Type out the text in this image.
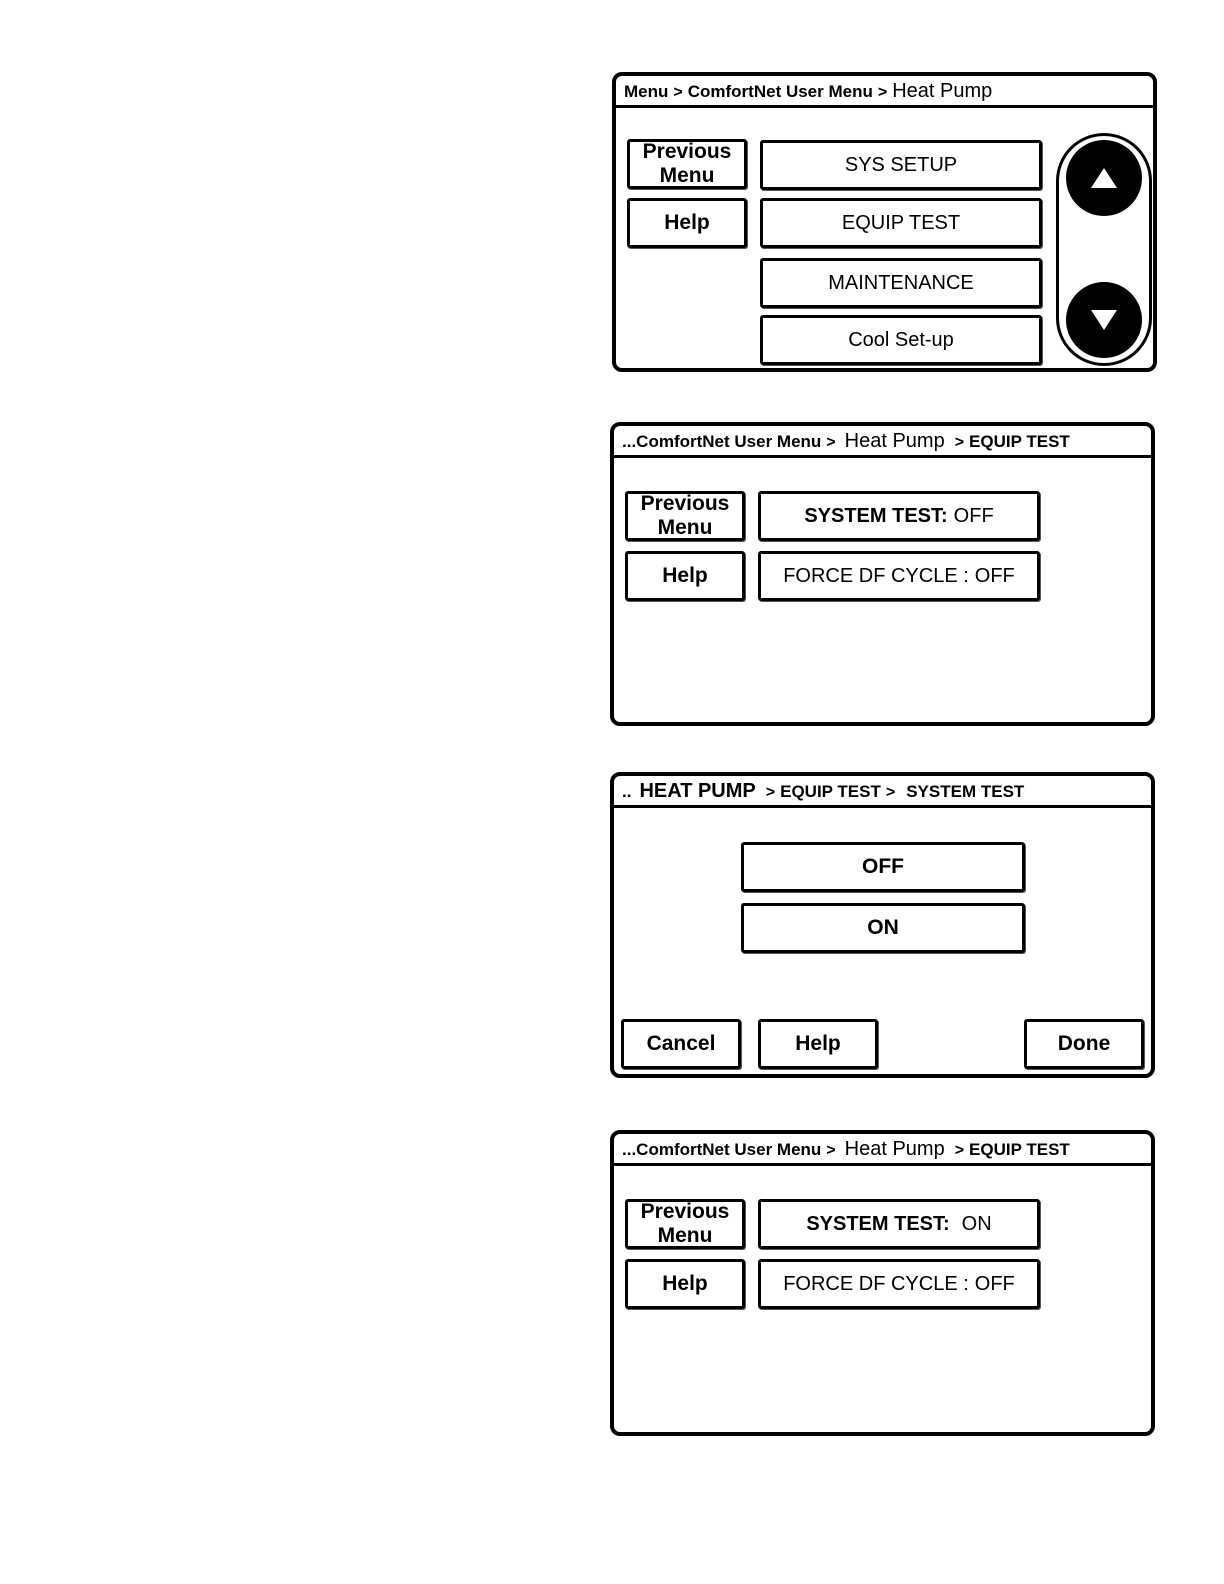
Menu > ComfortNet User Menu > Heat Pump
Previous
Menu
Help
SYS SETUP
EQUIP TEST
MAINTENANCE
Cool Set-up
...ComfortNet User Menu > Heat Pump > EQUIP TEST
Previous
Menu
Help
SYSTEM TEST: OFF
FORCE DF CYCLE : OFF
.. HEAT PUMP > EQUIP TEST > SYSTEM TEST
OFF
ON
Cancel	Help	Done
...ComfortNet User Menu > Heat Pump > EQUIP TEST
Previous
Menu
Help
SYSTEM TEST: ON
FORCE DF CYCLE : OFF
